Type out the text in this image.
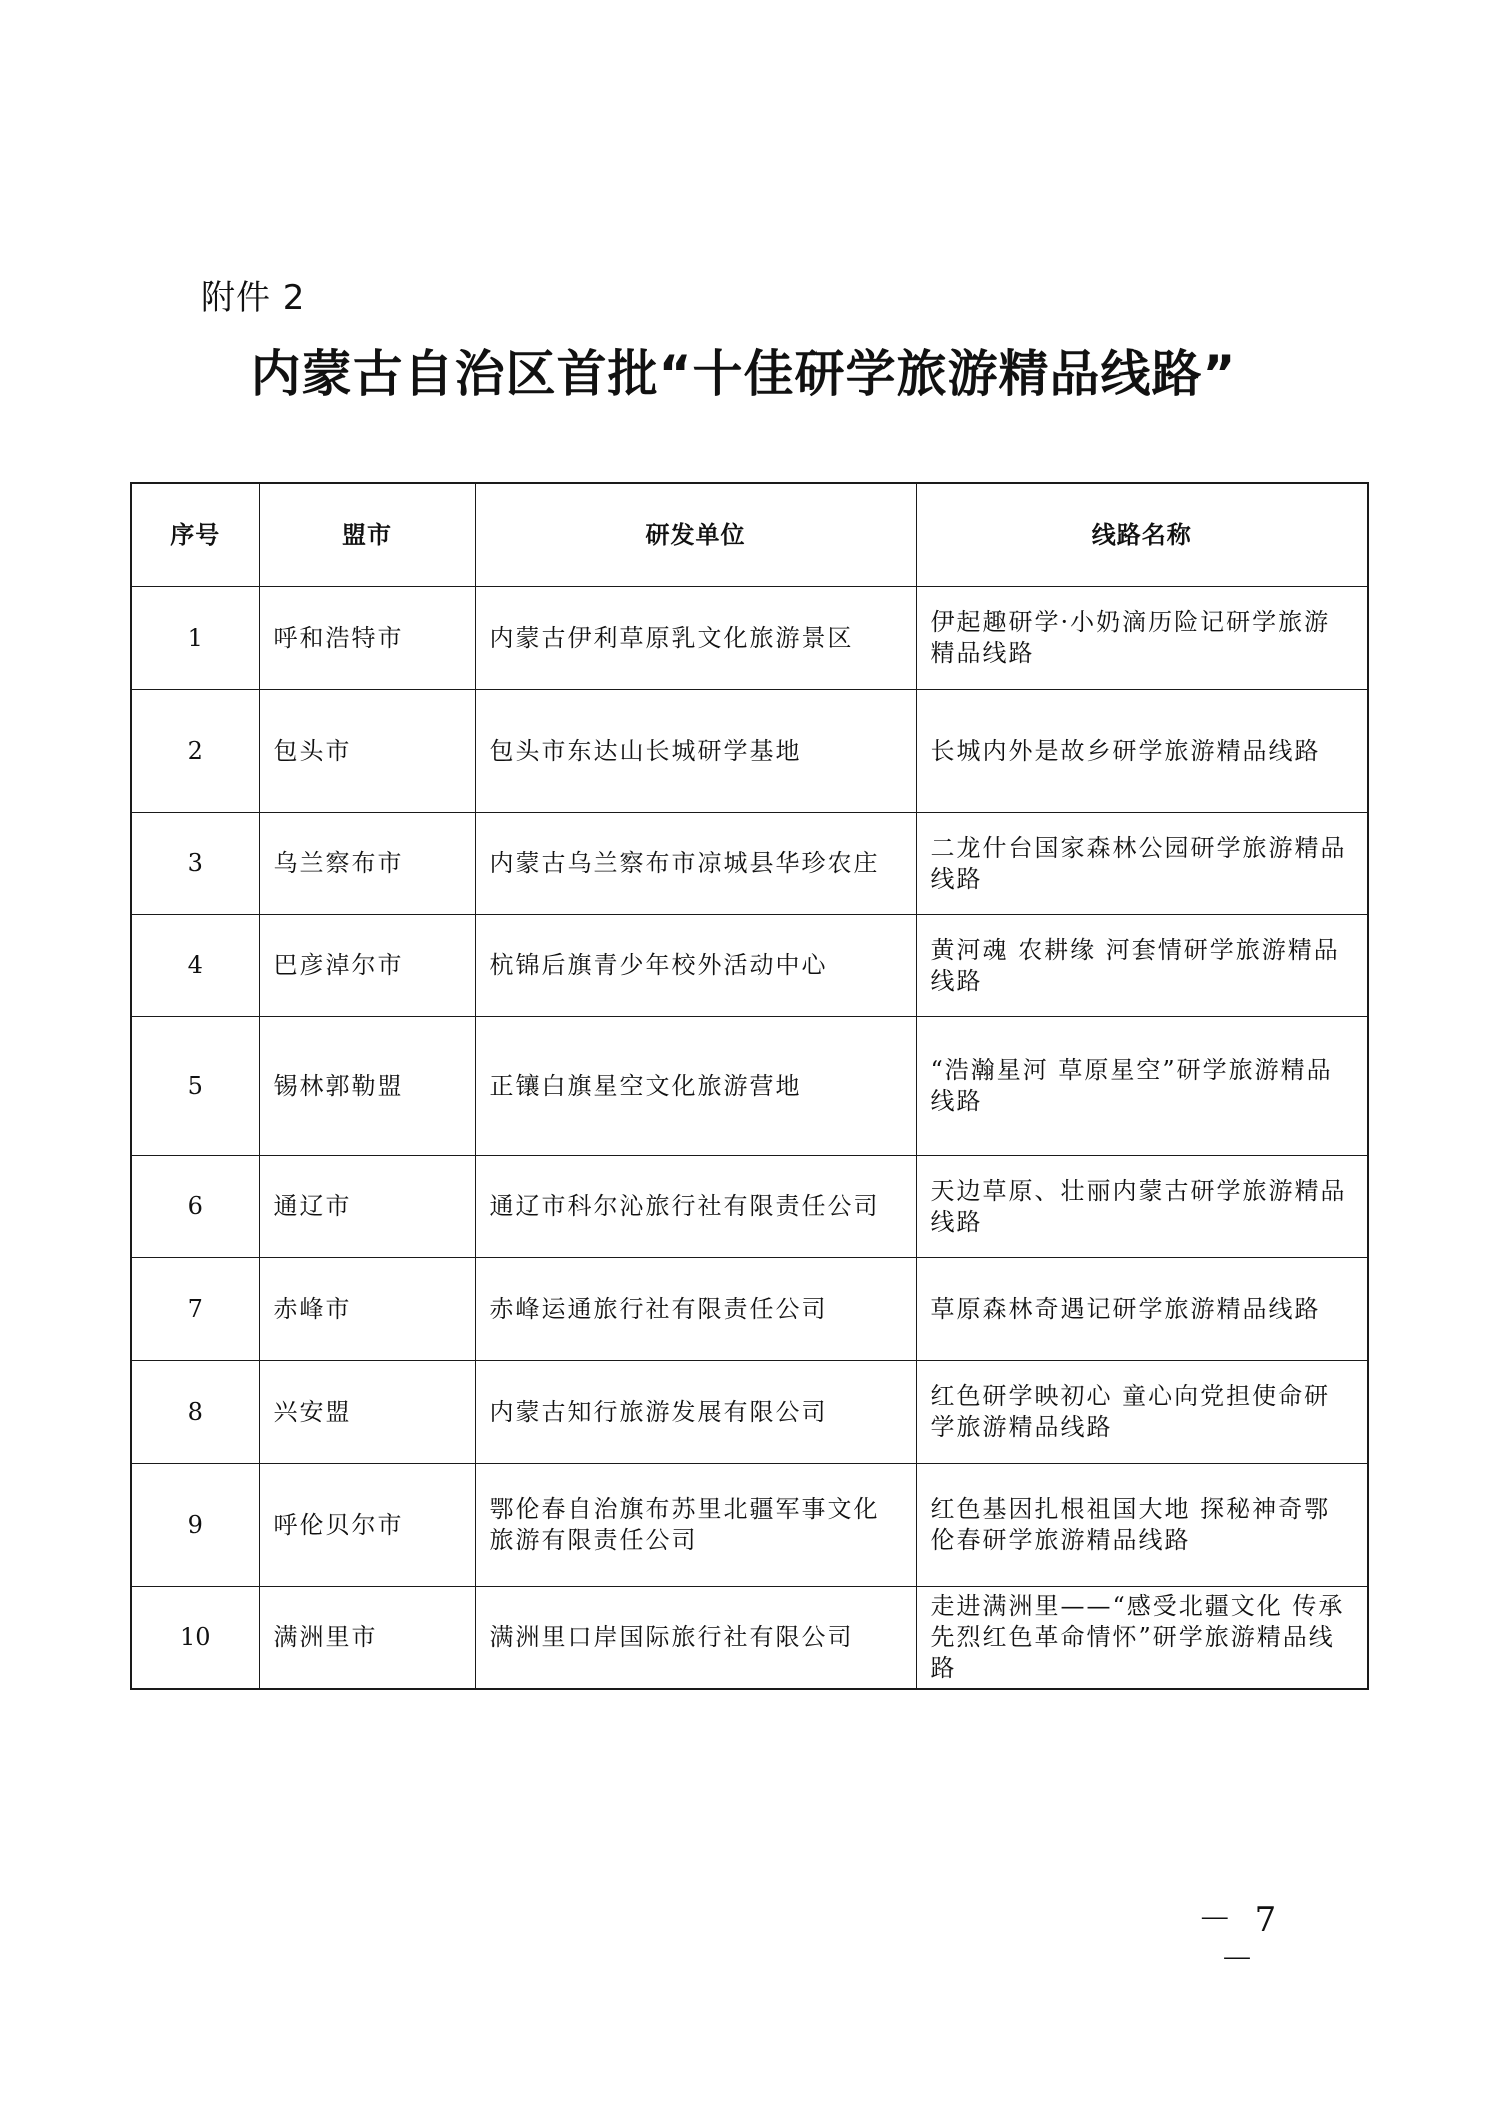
附件 2
内蒙古自治区首批“十佳研学旅游精品线路”
序号	盟市	研发单位	线路名称
1	呼和浩特市	内蒙古伊利草原乳文化旅游景区	伊起趣研学·小奶滴历险记研学旅游精品线路
2	包头市	包头市东达山长城研学基地	长城内外是故乡研学旅游精品线路
3	乌兰察布市	内蒙古乌兰察布市凉城县华珍农庄	二龙什台国家森林公园研学旅游精品线路
4	巴彦淖尔市	杭锦后旗青少年校外活动中心	黄河魂 农耕缘 河套情研学旅游精品线路
5	锡林郭勒盟	正镶白旗星空文化旅游营地	“浩瀚星河 草原星空”研学旅游精品线路
6	通辽市	通辽市科尔沁旅行社有限责任公司	天边草原、壮丽内蒙古研学旅游精品线路
7	赤峰市	赤峰运通旅行社有限责任公司	草原森林奇遇记研学旅游精品线路
8	兴安盟	内蒙古知行旅游发展有限公司	红色研学映初心 童心向党担使命研学旅游精品线路
9	呼伦贝尔市	鄂伦春自治旗布苏里北疆军事文化旅游有限责任公司	红色基因扎根祖国大地 探秘神奇鄂伦春研学旅游精品线路
10	满洲里市	满洲里口岸国际旅行社有限公司	走进满洲里——“感受北疆文化 传承先烈红色革命情怀”研学旅游精品线路
－ 7 －
